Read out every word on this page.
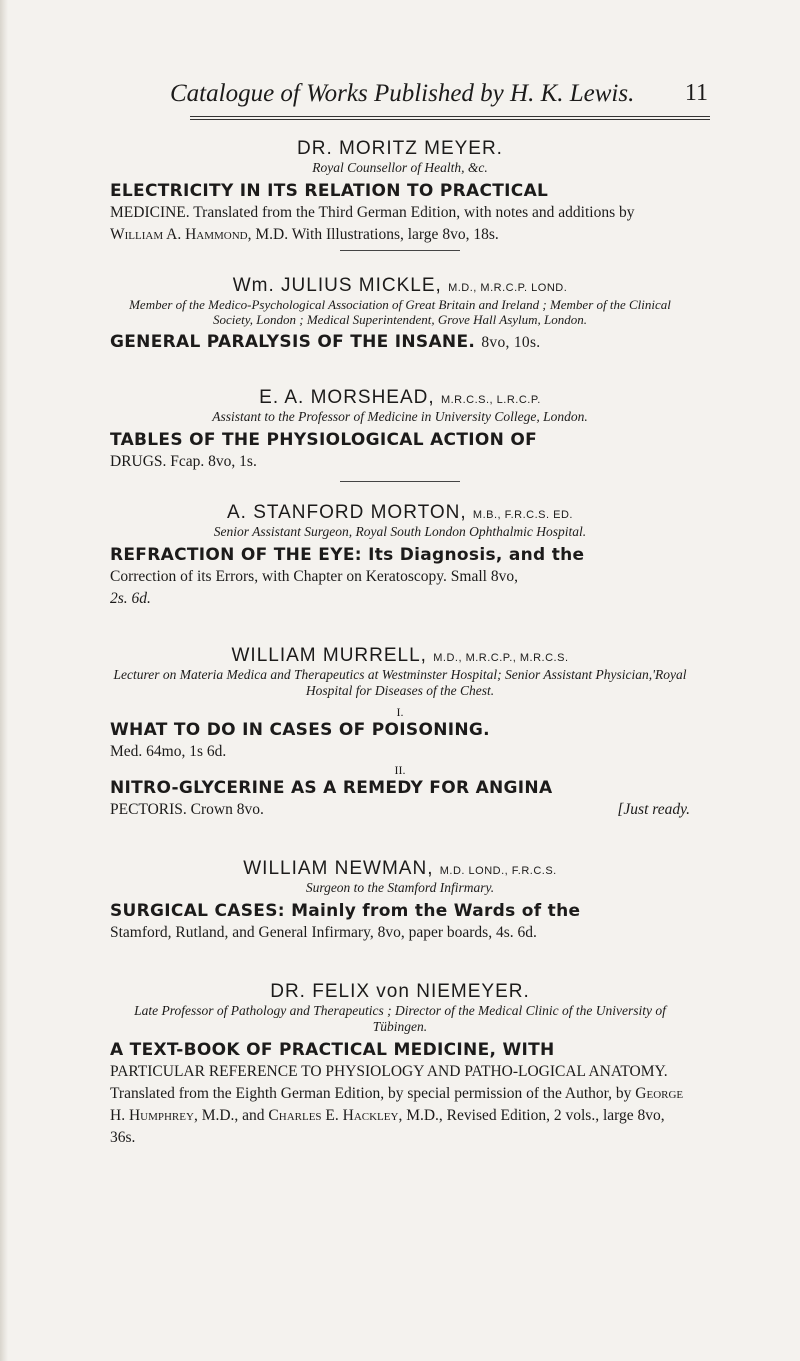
Catalogue of Works Published by H. K. Lewis. 11
DR. MORITZ MEYER.
Royal Counsellor of Health, &c.
ELECTRICITY IN ITS RELATION TO PRACTICAL
MEDICINE. Translated from the Third German Edition, with notes and additions by William A. Hammond, M.D. With Illustrations, large 8vo, 18s.
Wm. JULIUS MICKLE, M.D., M.R.C.P. LOND.
Member of the Medico-Psychological Association of Great Britain and Ireland ; Member of the Clinical Society, London ; Medical Superintendent, Grove Hall Asylum, London.
GENERAL PARALYSIS OF THE INSANE. 8vo, 10s.
E. A. MORSHEAD, M.R.C.S., L.R.C.P.
Assistant to the Professor of Medicine in University College, London.
TABLES OF THE PHYSIOLOGICAL ACTION OF
DRUGS. Fcap. 8vo, 1s.
A. STANFORD MORTON, M.B., F.R.C.S. ED.
Senior Assistant Surgeon, Royal South London Ophthalmic Hospital.
REFRACTION OF THE EYE: Its Diagnosis, and the
Correction of its Errors, with Chapter on Keratoscopy. Small 8vo,
2s. 6d.
WILLIAM MURRELL, M.D., M.R.C.P., M.R.C.S.
Lecturer on Materia Medica and Therapeutics at Westminster Hospital; Senior Assistant Physician,'Royal Hospital for Diseases of the Chest.
I.
WHAT TO DO IN CASES OF POISONING.
Med. 64mo, 1s 6d.
II.
NITRO-GLYCERINE AS A REMEDY FOR ANGINA
PECTORIS. Crown 8vo.	[Just ready.
WILLIAM NEWMAN, M.D. LOND., F.R.C.S.
Surgeon to the Stamford Infirmary.
SURGICAL CASES: Mainly from the Wards of the
Stamford, Rutland, and General Infirmary, 8vo, paper boards, 4s. 6d.
DR. FELIX von NIEMEYER.
Late Professor of Pathology and Therapeutics ; Director of the Medical Clinic of the University of Tübingen.
A TEXT-BOOK OF PRACTICAL MEDICINE, WITH
PARTICULAR REFERENCE TO PHYSIOLOGY AND PATHO-LOGICAL ANATOMY. Translated from the Eighth German Edition, by special permission of the Author, by George H. Humphrey, M.D., and Charles E. Hackley, M.D., Revised Edition, 2 vols., large 8vo, 36s.
